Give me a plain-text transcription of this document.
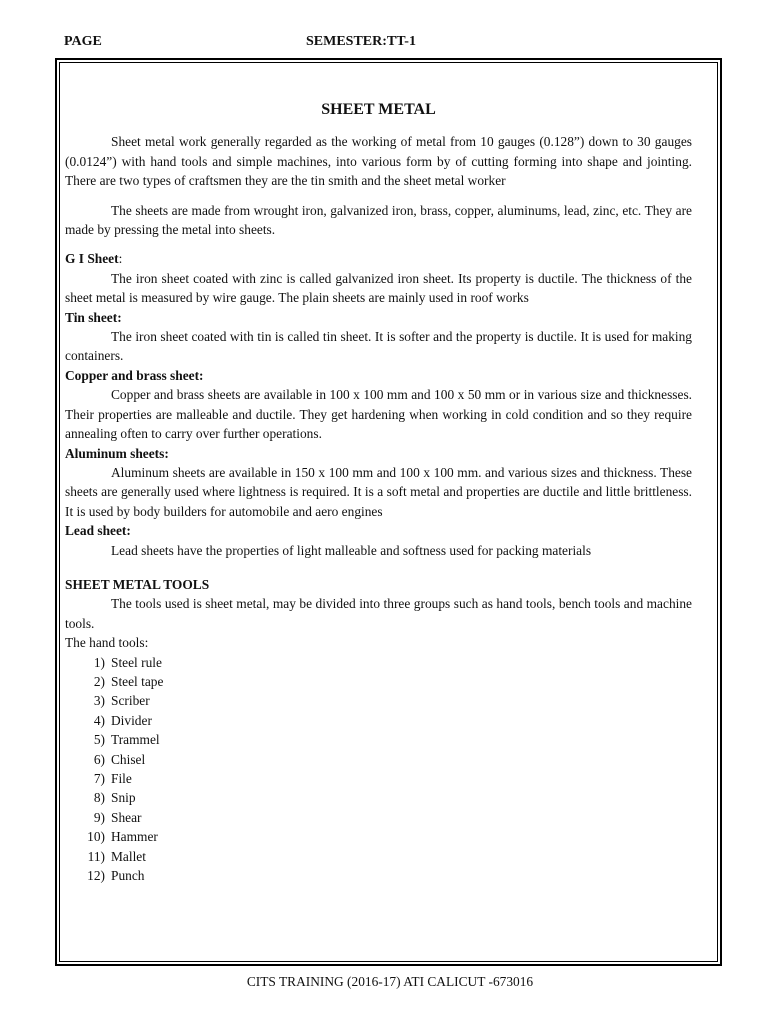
PAGE	SEMESTER:TT-1

SHEET METAL

Sheet metal work generally regarded as the working of metal from 10 gauges (0.128”) down to 30 gauges (0.0124”) with hand tools and simple machines, into various form by of cutting forming into shape and jointing. There are two types of craftsmen they are the tin smith and the sheet metal worker

The sheets are made from wrought iron, galvanized iron, brass, copper, aluminums, lead, zinc, etc. They are made by pressing the metal into sheets.

G I Sheet:

The iron sheet coated with zinc is called galvanized iron sheet. Its property is ductile. The thickness of the sheet metal is measured by wire gauge. The plain sheets are mainly used in roof works

Tin sheet:

The iron sheet coated with tin is called tin sheet. It is softer and the property is ductile. It is used for making containers.

Copper and brass sheet:

Copper and brass sheets are available in 100 x 100 mm and 100 x 50 mm or in various size and thicknesses. Their properties are malleable and ductile. They get hardening when working in cold condition and so they require annealing often to carry over further operations.

Aluminum sheets:

Aluminum sheets are available in 150 x 100 mm and 100 x 100 mm. and various sizes and thickness. These sheets are generally used where lightness is required. It is a soft metal and properties are ductile and little brittleness. It is used by body builders for automobile and aero engines

Lead sheet:

Lead sheets have the properties of light malleable and softness used for packing materials

SHEET METAL TOOLS

The tools used is sheet metal, may be divided into three groups such as hand tools, bench tools and machine tools.

The hand tools:

1) Steel rule
2) Steel tape
3) Scriber
4) Divider
5) Trammel
6) Chisel
7) File
8) Snip
9) Shear
10) Hammer
11) Mallet
12) Punch
CITS TRAINING (2016-17) ATI CALICUT -673016
